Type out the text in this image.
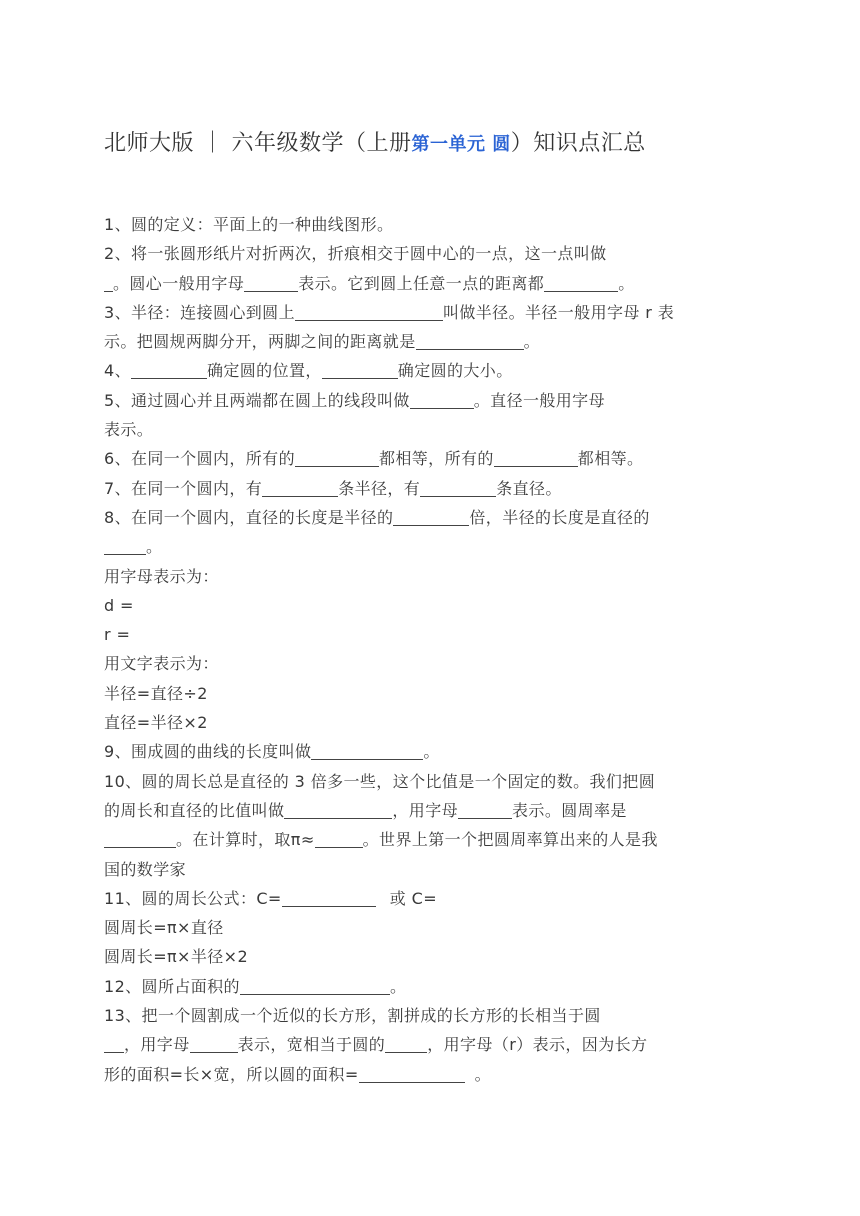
北师大版 ｜ 六年级数学（上册第一单元 圆）知识点汇总
1、圆的定义：平面上的一种曲线图形。
2、将一张圆形纸片对折两次，折痕相交于圆中心的一点，这一点叫做
。圆心一般用字母	表示。它到圆上任意一点的距离都	。
3、半径：连接圆心到圆上	叫做半径。半径一般用字母 r 表
示。把圆规两脚分开，两脚之间的距离就是	。
4、	确定圆的位置，	确定圆的大小。
5、通过圆心并且两端都在圆上的线段叫做	。直径一般用字母
表示。
6、在同一个圆内，所有的	都相等，所有的	都相等。
7、在同一个圆内，有	条半径，有	条直径。
8、在同一个圆内，直径的长度是半径的	倍，半径的长度是直径的
。
用字母表示为：
d =
r =
用文字表示为：
半径=直径÷2
直径=半径×2
9、围成圆的曲线的长度叫做	。
10、圆的周长总是直径的 3 倍多一些，这个比值是一个固定的数。我们把圆
的周长和直径的比值叫做	，用字母	表示。圆周率是
。在计算时，取π≈	。世界上第一个把圆周率算出来的人是我
国的数学家
11、圆的周长公式：C=	或 C=
圆周长=π×直径
圆周长=π×半径×2
12、圆所占面积的	。
13、把一个圆割成一个近似的长方形，割拼成的长方形的长相当于圆
，用字母	表示，宽相当于圆的	，用字母（r）表示，因为长方
形的面积=长×宽，所以圆的面积=	。
